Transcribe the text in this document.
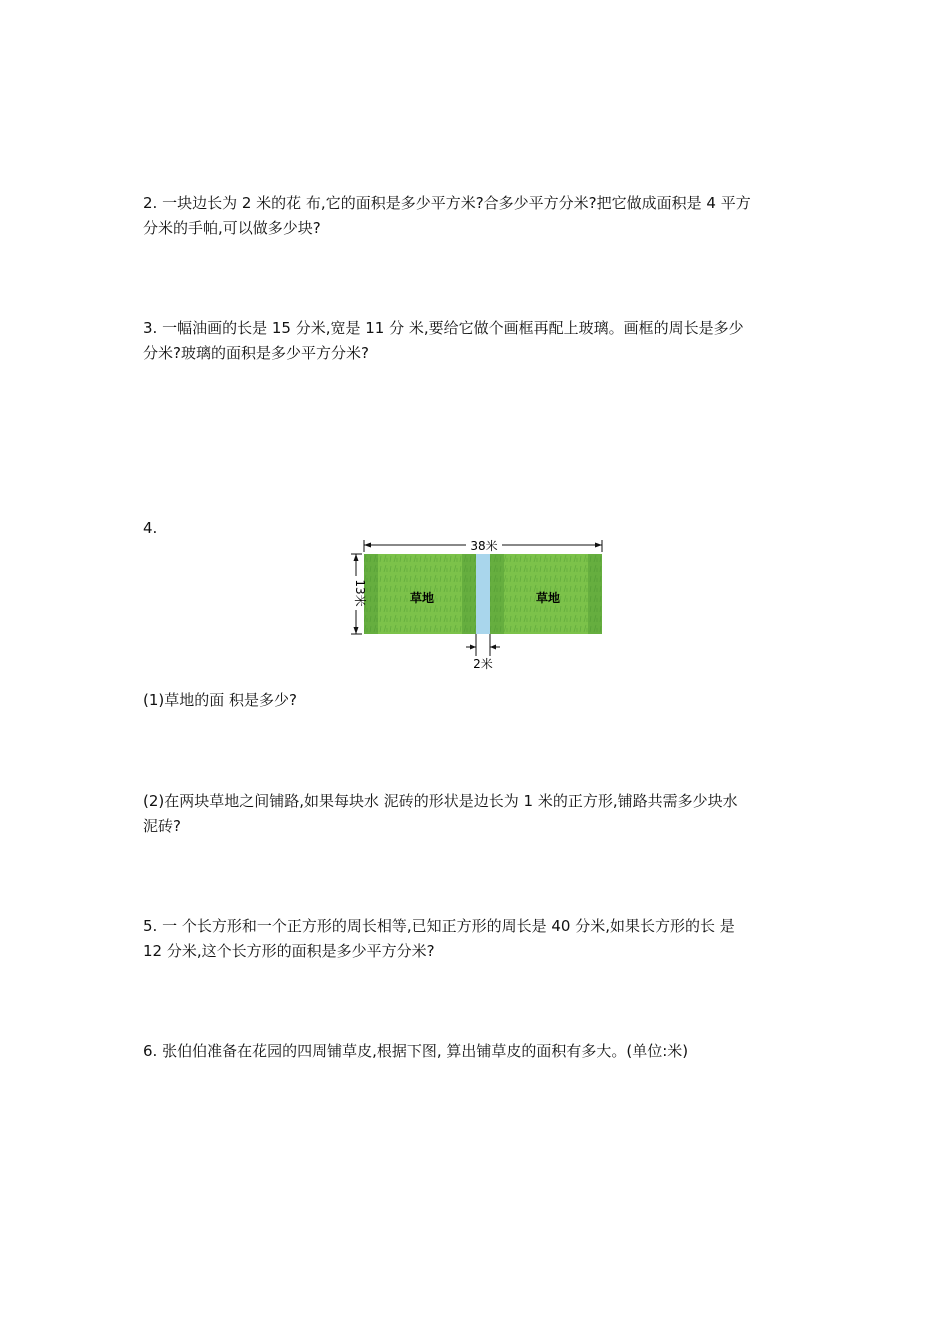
2. 一块边长为 2 米的花 布,它的面积是多少平方米?合多少平方分米?把它做成面积是 4 平方
分米的手帕,可以做多少块?
3. 一幅油画的长是 15 分米,宽是 11 分 米,要给它做个画框再配上玻璃。画框的周长是多少
分米?玻璃的面积是多少平方分米?
4.
38米
13米	草地	草地
2米
(1)草地的面 积是多少?
(2)在两块草地之间铺路,如果每块水 泥砖的形状是边长为 1 米的正方形,铺路共需多少块水
泥砖?
5. 一 个长方形和一个正方形的周长相等,已知正方形的周长是 40 分米,如果长方形的长 是
12 分米,这个长方形的面积是多少平方分米?
6. 张伯伯准备在花园的四周铺草皮,根据下图, 算出铺草皮的面积有多大。(单位:米)
